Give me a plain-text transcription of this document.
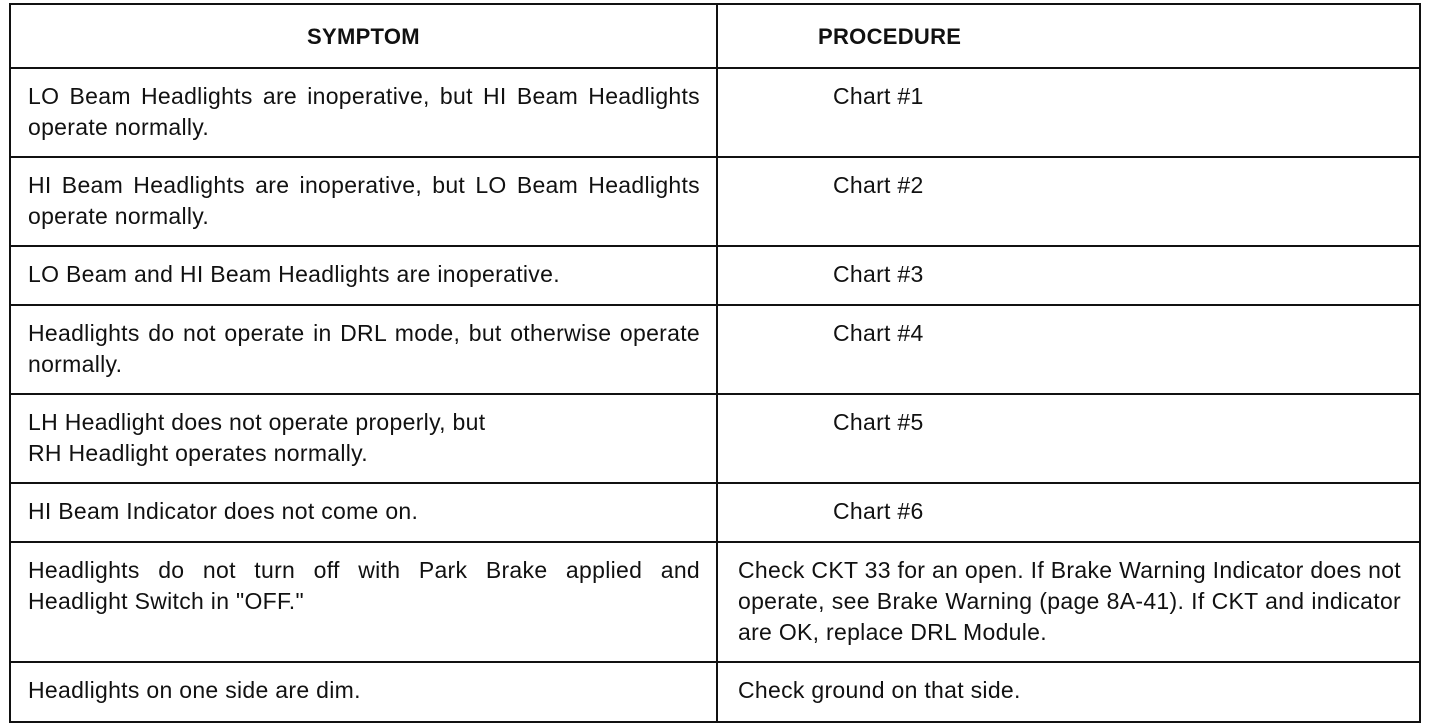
SYMPTOM	PROCEDURE

LO Beam Headlights are inoperative, but HI Beam Headlights operate normally.	Chart #1
HI Beam Headlights are inoperative, but LO Beam Headlights operate normally.	Chart #2
LO Beam and HI Beam Headlights are inoperative.	Chart #3
Headlights do not operate in DRL mode, but otherwise operate normally.	Chart #4
LH Headlight does not operate properly, but
RH Headlight operates normally.	Chart #5
HI Beam Indicator does not come on.	Chart #6
Headlights do not turn off with Park Brake applied and Headlight Switch in "OFF."	Check CKT 33 for an open. If Brake Warning Indicator does not operate, see Brake Warning (page 8A-41). If CKT and indicator are OK, replace DRL Module.
Headlights on one side are dim.	Check ground on that side.
